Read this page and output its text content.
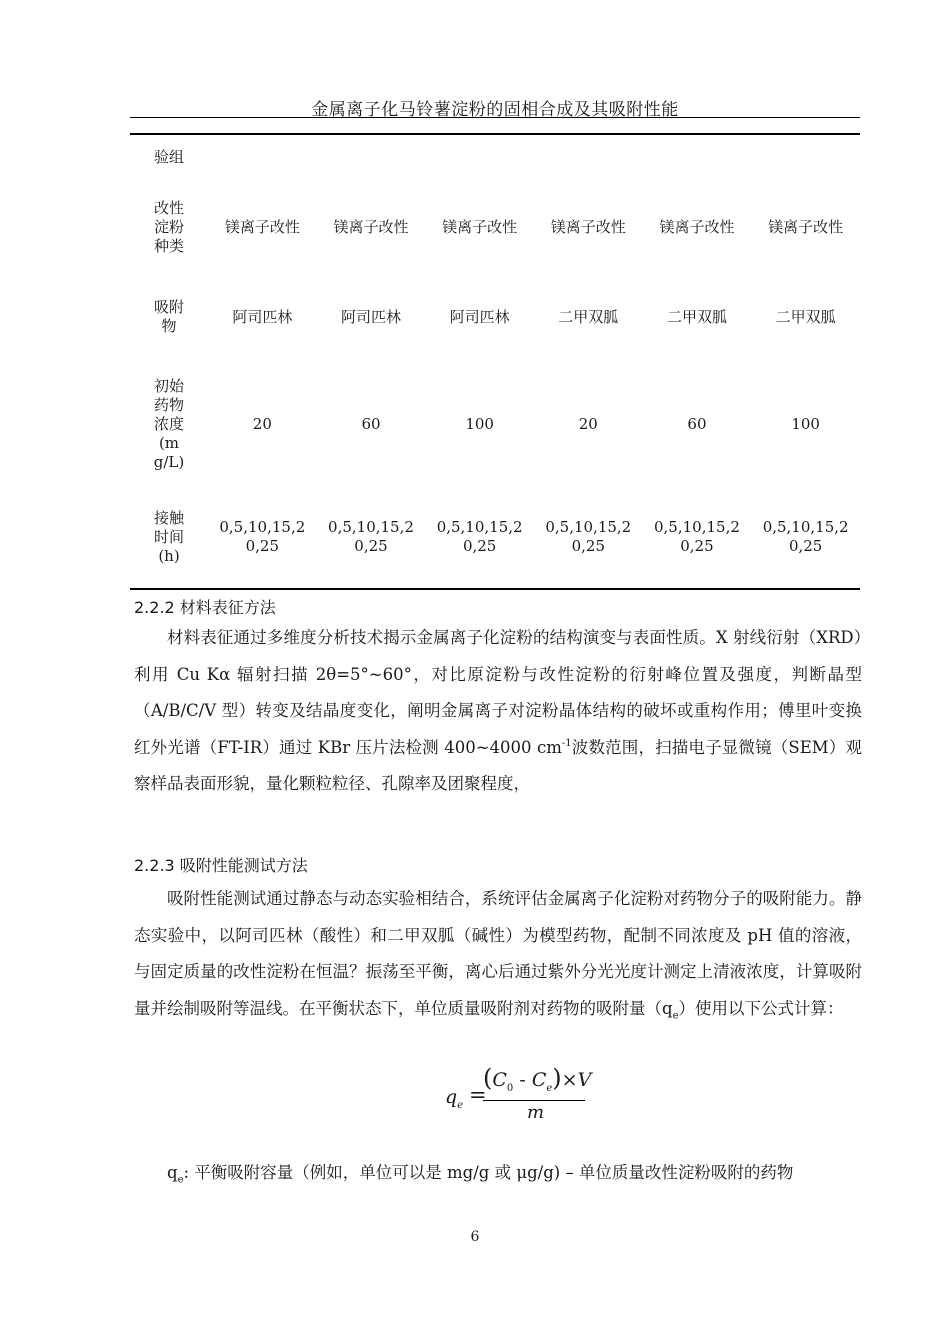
金属离子化马铃薯淀粉的固相合成及其吸附性能
验组						
改性淀粉种类	镁离子改性	镁离子改性	镁离子改性	镁离子改性	镁离子改性	镁离子改性
吸附物	阿司匹林	阿司匹林	阿司匹林	二甲双胍	二甲双胍	二甲双胍
初始药物浓度(mg/L)	20	60	100	20	60	100
接触时间(h)	0,5,10,15,20,25	0,5,10,15,20,25	0,5,10,15,20,25	0,5,10,15,20,25	0,5,10,15,20,25	0,5,10,15,20,25
2.2.2 材料表征方法
材料表征通过多维度分析技术揭示金属离子化淀粉的结构演变与表面性质。X 射线衍射（XRD）利用 Cu Kα 辐射扫描 2θ=5°~60°，对比原淀粉与改性淀粉的衍射峰位置及强度，判断晶型（A/B/C/V 型）转变及结晶度变化，阐明金属离子对淀粉晶体结构的破坏或重构作用；傅里叶变换红外光谱（FT-IR）通过 KBr 压片法检测 400~4000 $cm^{-1}$波数范围，扫描电子显微镜（SEM）观察样品表面形貌，量化颗粒粒径、孔隙率及团聚程度，
2.2.3 吸附性能测试方法
吸附性能测试通过静态与动态实验相结合，系统评估金属离子化淀粉对药物分子的吸附能力。静态实验中，以阿司匹林（酸性）和二甲双胍（碱性）为模型药物，配制不同浓度及 pH 值的溶液，与固定质量的改性淀粉在恒温？振荡至平衡，离心后通过紫外分光光度计测定上清液浓度，计算吸附量并绘制吸附等温线。在平衡状态下，单位质量吸附剂对药物的吸附量$(q_e)$使用以下公式计算：
$q_e$ =
$(C_0 - C_e)\times V$
m
$q_e$: 平衡吸附容量（例如，单位可以是 mg/g 或 μg/g) – 单位质量改性淀粉吸附的药物
6
